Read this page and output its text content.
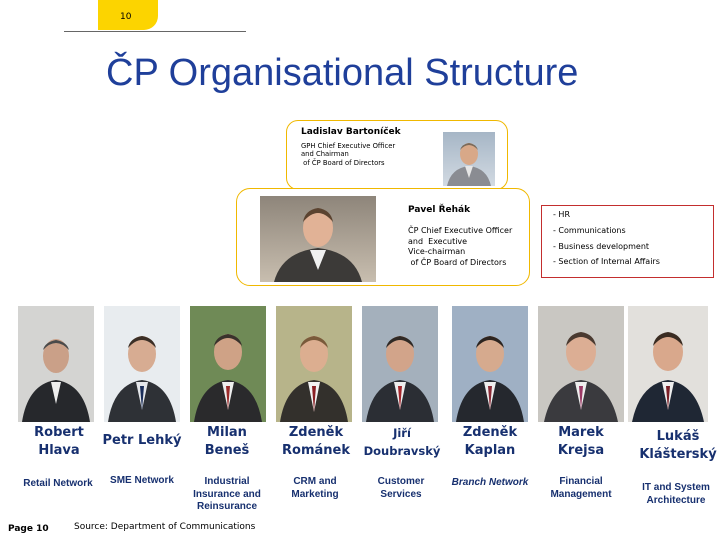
10
ČP Organisational Structure
Ladislav Bartoníček
GPH Chief Executive Officer
and Chairman
of ČP Board of Directors
Pavel Řehák
ČP Chief Executive Officer
and  Executive
Vice-chairman
of ČP Board of Directors
- HR
- Communications
- Business development
- Section of Internal Affairs
Robert
Hlava
Petr Lehký
Milan
Beneš
Zdeněk
Románek
Jiří
Doubravský
Zdeněk
Kaplan
Marek
Krejsa
Lukáš
Klášterský
Retail Network	SME Network	Industrial
Insurance and
Reinsurance
CRM and
Marketing
Customer
Services
Branch Network	Financial
Management
IT and System
Architecture
Page 10	Source: Department of Communications
